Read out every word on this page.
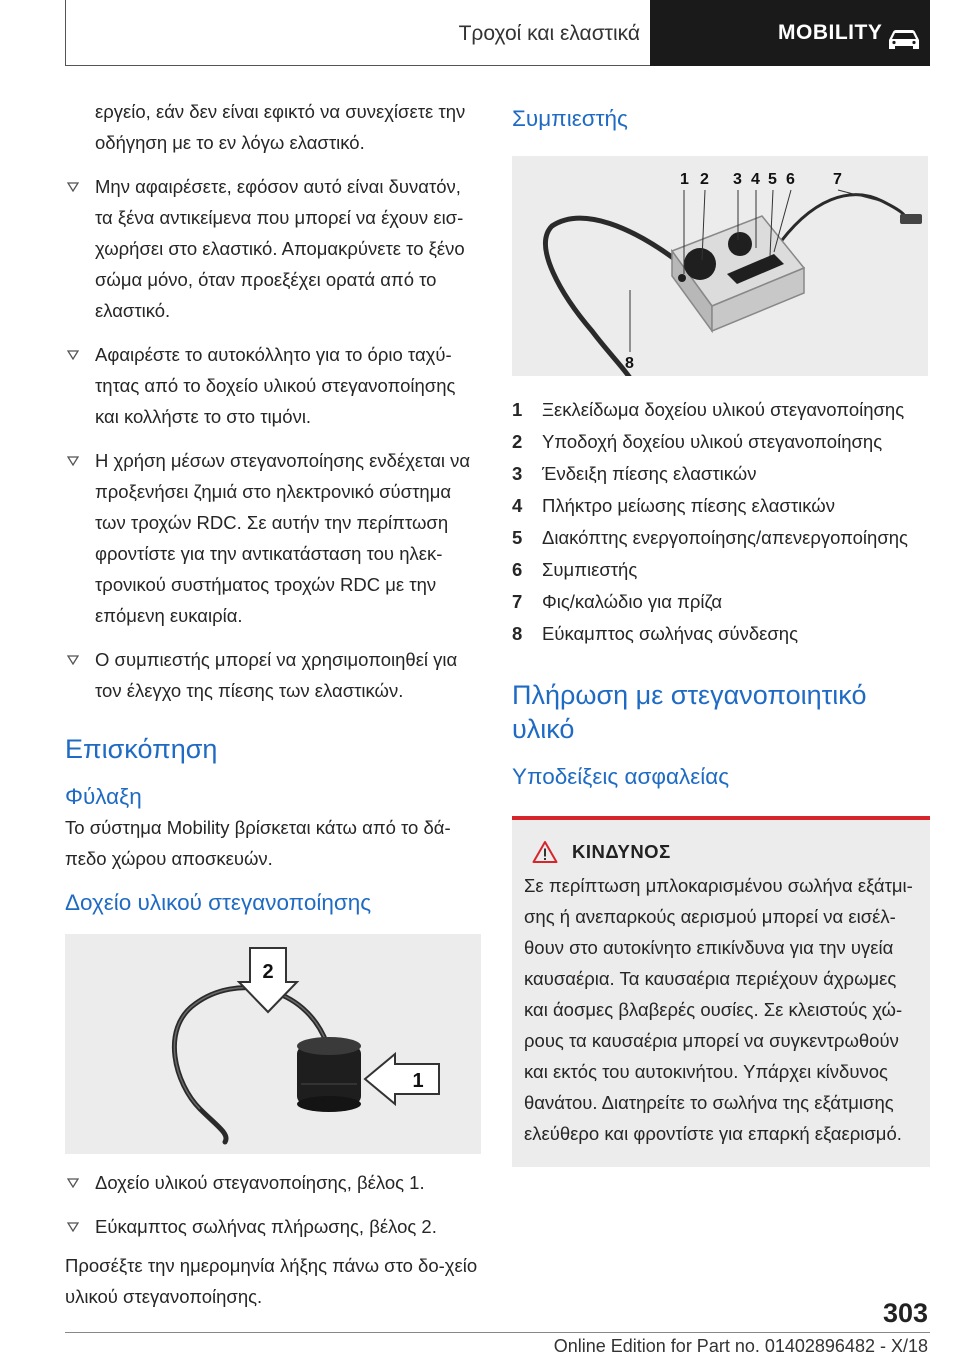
Τροχοί και ελαστικά	MOBILITY

εργείο, εάν δεν είναι εφικτό να συνεχίσετε την οδήγηση με το εν λόγω ελαστικό.

Μην αφαιρέσετε, εφόσον αυτό είναι δυνατόν, τα ξένα αντικείμενα που μπορεί να έχουν εισ‐χωρήσει στο ελαστικό. Απομακρύνετε το ξένο σώμα μόνο, όταν προεξέχει ορατά από το ελαστικό.
Αφαιρέστε το αυτοκόλλητο για το όριο ταχύ‐τητας από το δοχείο υλικού στεγανοποίησης και κολλήστε το στο τιμόνι.
Η χρήση μέσων στεγανοποίησης ενδέχεται να προξενήσει ζημιά στο ηλεκτρονικό σύστημα των τροχών RDC. Σε αυτήν την περίπτωση φροντίστε για την αντικατάσταση του ηλεκ‐τρονικού συστήματος τροχών RDC με την επόμενη ευκαιρία.
Ο συμπιεστής μπορεί να χρησιμοποιηθεί για τον έλεγχο της πίεσης των ελαστικών.
Επισκόπηση
Φύλαξη

Το σύστημα Mobility βρίσκεται κάτω από το δά‐πεδο χώρου αποσκευών.

Δοχείο υλικού στεγανοποίησης
2
1
Δοχείο υλικού στεγανοποίησης, βέλος 1.
Εύκαμπτος σωλήνας πλήρωσης, βέλος 2.

Προσέξτε την ημερομηνία λήξης πάνω στο δο‐χείο υλικού στεγανοποίησης.

Συμπιεστής
1 2 3 4 5 6 7
8
1	Ξεκλείδωμα δοχείου υλικού στεγανοποίησης
2	Υποδοχή δοχείου υλικού στεγανοποίησης
3	Ένδειξη πίεσης ελαστικών
4	Πλήκτρο μείωσης πίεσης ελαστικών
5	Διακόπτης ενεργοποίησης/απενεργοποίησης
6	Συμπιεστής
7	Φις/καλώδιο για πρίζα
8	Εύκαμπτος σωλήνας σύνδεσης
Πλήρωση με στεγανοποιητικό υλικό
Υποδείξεις ασφαλείας
ΚΙΝΔΥΝΟΣ

Σε περίπτωση μπλοκαρισμένου σωλήνα εξάτμι‐σης ή ανεπαρκούς αερισμού μπορεί να εισέλ‐θουν στο αυτοκίνητο επικίνδυνα για την υγεία καυσαέρια. Τα καυσαέρια περιέχουν άχρωμες και άοσμες βλαβερές ουσίες. Σε κλειστούς χώ‐ρους τα καυσαέρια μπορεί να συγκεντρωθούν και εκτός του αυτοκινήτου. Υπάρχει κίνδυνος θανάτου. Διατηρείτε το σωλήνα της εξάτμισης ελεύθερο και φροντίστε για επαρκή εξαερισμό.

303
Online Edition for Part no. 01402896482 - X/18
